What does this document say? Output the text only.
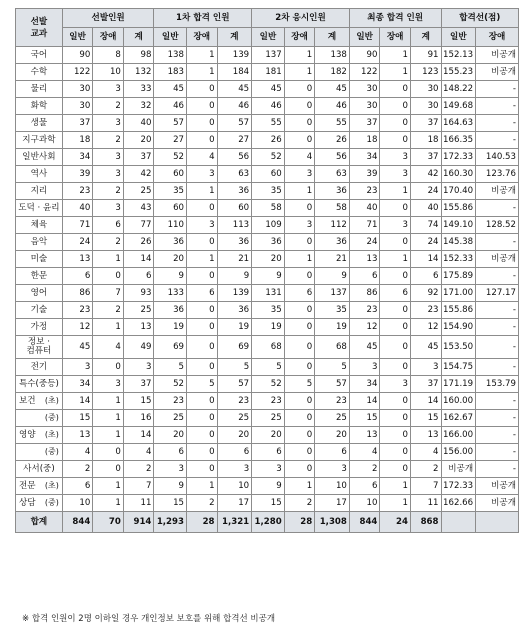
선발
교과	선발인원			1차 합격 인원			2차 응시인원			최종 합격 인원			합격선(점)	
	일반	장애	계	일반	장애	계	일반	장애	계	일반	장애	계	일반	장애
국어	90	8	98	138	1	139	137	1	138	90	1	91	152.13	비공개
수학	122	10	132	183	1	184	181	1	182	122	1	123	155.23	비공개
물리	30	3	33	45	0	45	45	0	45	30	0	30	148.22	-
화학	30	2	32	46	0	46	46	0	46	30	0	30	149.68	-
생물	37	3	40	57	0	57	55	0	55	37	0	37	164.63	-
지구과학	18	2	20	27	0	27	26	0	26	18	0	18	166.35	-
일반사회	34	3	37	52	4	56	52	4	56	34	3	37	172.33	140.53
역사	39	3	42	60	3	63	60	3	63	39	3	42	160.30	123.76
지리	23	2	25	35	1	36	35	1	36	23	1	24	170.40	비공개
도덕 · 윤리	40	3	43	60	0	60	58	0	58	40	0	40	155.86	-
체육	71	6	77	110	3	113	109	3	112	71	3	74	149.10	128.52
음악	24	2	26	36	0	36	36	0	36	24	0	24	145.38	-
미술	13	1	14	20	1	21	20	1	21	13	1	14	152.33	비공개
한문	6	0	6	9	0	9	9	0	9	6	0	6	175.89	-
영어	86	7	93	133	6	139	131	6	137	86	6	92	171.00	127.17
기술	23	2	25	36	0	36	35	0	35	23	0	23	155.86	-
가정	12	1	13	19	0	19	19	0	19	12	0	12	154.90	-
정보 ·
컴퓨터	45	4	49	69	0	69	68	0	68	45	0	45	153.50	-
전기	3	0	3	5	0	5	5	0	5	3	0	3	154.75	-
특수(중등)	34	3	37	52	5	57	52	5	57	34	3	37	171.19	153.79

보건 (초)	14	1	15	23	0	23	23	0	23	14	0	14	160.00	-

(중)	15	1	16	25	0	25	25	0	25	15	0	15	162.67	-

영양 (초)	13	1	14	20	0	20	20	0	20	13	0	13	166.00	-

(중)	4	0	4	6	0	6	6	0	6	4	0	4	156.00	-
사서(중)	2	0	2	3	0	3	3	0	3	2	0	2	비공개	-

전문 (초)	6	1	7	9	1	10	9	1	10	6	1	7	172.33	비공개

상담 (중)	10	1	11	15	2	17	15	2	17	10	1	11	162.66	비공개
합계	844	70	914	1,293	28	1,321	1,280	28	1,308	844	24	868		
※ 합격 인원이 2명 이하일 경우 개인정보 보호를 위해 합격선 비공개
